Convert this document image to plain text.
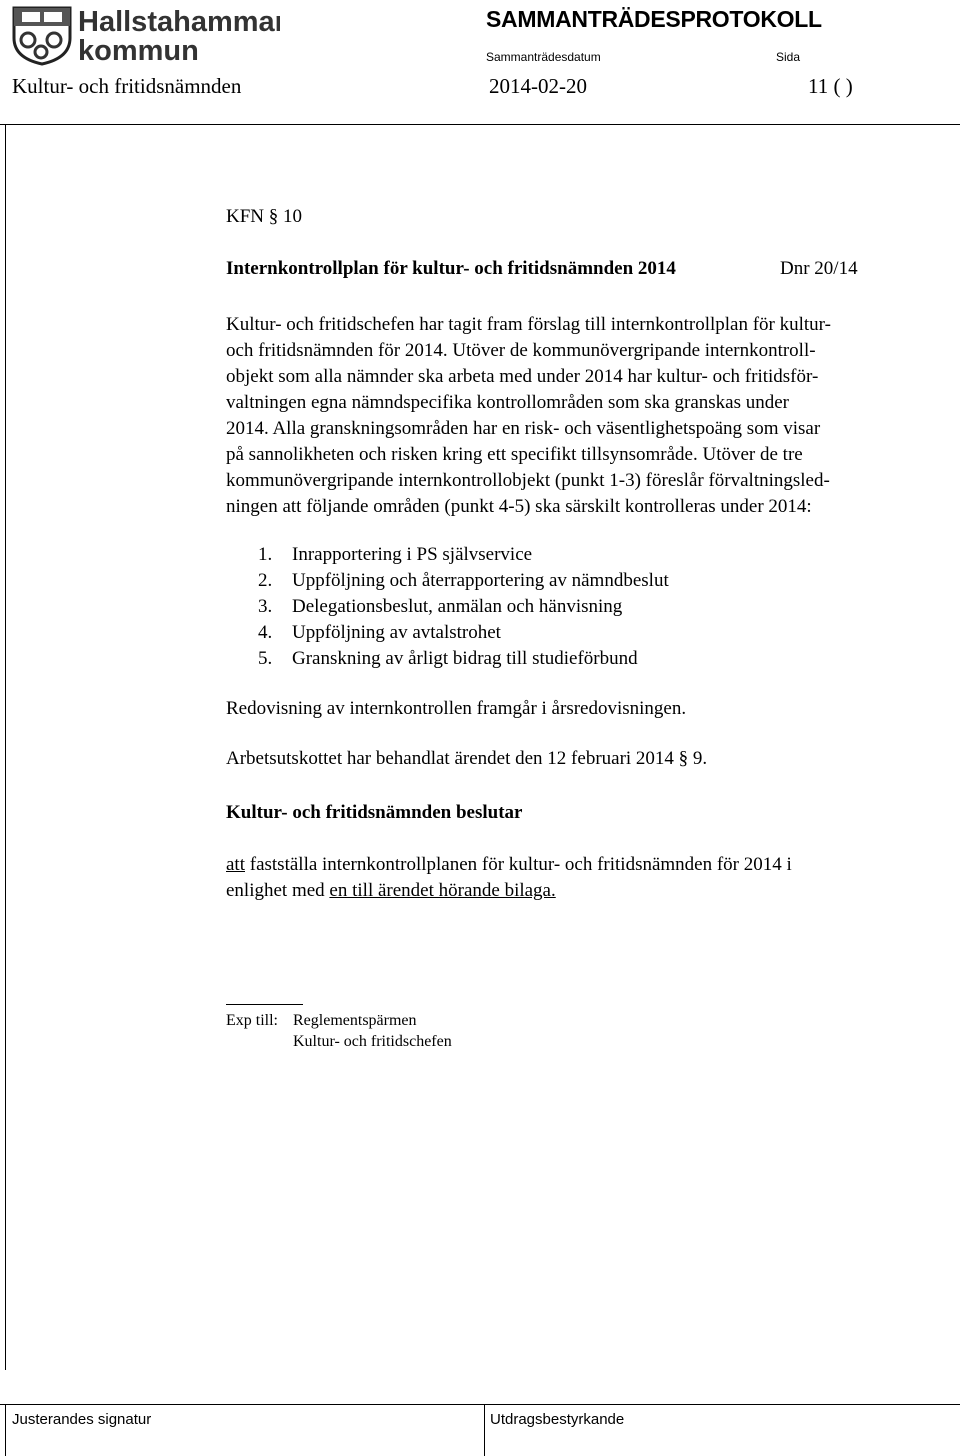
Hallstahammars
kommun
SAMMANTRÄDESPROTOKOLL
Sammanträdesdatum	Sida
Kultur- och fritidsnämnden	2014-02-20	11 ( )
KFN § 10
Internkontrollplan för kultur- och fritidsnämnden 2014	Dnr 20/14
Kultur- och fritidschefen har tagit fram förslag till internkontrollplan för kultur-
och fritidsnämnden för 2014. Utöver de kommunövergripande internkontroll-
objekt som alla nämnder ska arbeta med under 2014 har kultur- och fritidsför-
valtningen egna nämndspecifika kontrollområden som ska granskas under
2014. Alla granskningsområden har en risk- och väsentlighetspoäng som visar
på sannolikheten och risken kring ett specifikt tillsynsområde. Utöver de tre
kommunövergripande internkontrollobjekt (punkt 1-3) föreslår förvaltningsled-
ningen att följande områden (punkt 4-5) ska särskilt kontrolleras under 2014:
1. Inrapportering i PS självservice
2. Uppföljning och återrapportering av nämndbeslut
3. Delegationsbeslut, anmälan och hänvisning
4. Uppföljning av avtalstrohet
5. Granskning av årligt bidrag till studieförbund
Redovisning av internkontrollen framgår i årsredovisningen.
Arbetsutskottet har behandlat ärendet den 12 februari 2014 § 9.
Kultur- och fritidsnämnden beslutar
att fastställa internkontrollplanen för kultur- och fritidsnämnden för 2014 i
enlighet med en till ärendet hörande bilaga.
Exp till: Reglementspärmen
Kultur- och fritidschefen
Justerandes signatur	Utdragsbestyrkande
